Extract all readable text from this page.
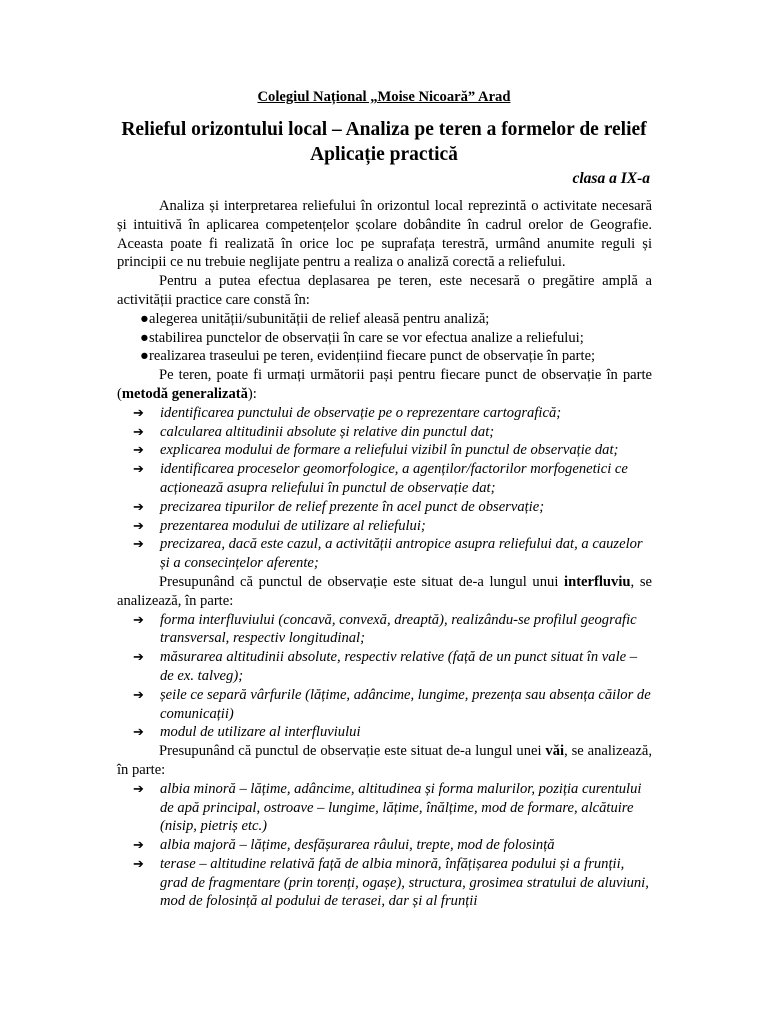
Colegiul Național „Moise Nicoară” Arad
Relieful orizontului local – Analiza pe teren a formelor de relief
Aplicație practică
clasa a IX-a

Analiza și interpretarea reliefului în orizontul local reprezintă o activitate necesară și intuitivă în aplicarea competențelor școlare dobândite în cadrul orelor de Geografie. Aceasta poate fi realizată în orice loc pe suprafața terestră, urmând anumite reguli și principii ce nu trebuie neglijate pentru a realiza o analiză corectă a reliefului.

Pentru a putea efectua deplasarea pe teren, este necesară o pregătire amplă a activității practice care constă în:

● alegerea unității/subunității de relief aleasă pentru analiză;
● stabilirea punctelor de observații în care se vor efectua analize a reliefului;
● realizarea traseului pe teren, evidențiind fiecare punct de observație în parte;

Pe teren, poate fi urmați următorii pași pentru fiecare punct de observație în parte (metodă generalizată):

➔ identificarea punctului de observație pe o reprezentare cartografică;
➔ calcularea altitudinii absolute și relative din punctul dat;
➔ explicarea modului de formare a reliefului vizibil în punctul de observație dat;
➔ identificarea proceselor geomorfologice, a agenților/factorilor morfogenetici ce acționează asupra reliefului în punctul de observație dat;
➔ precizarea tipurilor de relief prezente în acel punct de observație;
➔ prezentarea modului de utilizare al reliefului;
➔ precizarea, dacă este cazul, a activității antropice asupra reliefului dat, a cauzelor și a consecințelor aferente;

Presupunând că punctul de observație este situat de-a lungul unui interfluviu, se analizează, în parte:

➔ forma interfluviului (concavă, convexă, dreaptă), realizându-se profilul geografic transversal, respectiv longitudinal;
➔ măsurarea altitudinii absolute, respectiv relative (față de un punct situat în vale – de ex. talveg);
➔ șeile ce separă vârfurile (lățime, adâncime, lungime, prezența sau absența căilor de comunicații)
➔ modul de utilizare al interfluviului

Presupunând că punctul de observație este situat de-a lungul unei văi, se analizează, în parte:

➔ albia minoră – lățime, adâncime, altitudinea și forma malurilor, poziția curentului de apă principal, ostroave – lungime, lățime, înălțime, mod de formare, alcătuire (nisip, pietriș etc.)
➔ albia majoră – lățime, desfășurarea râului, trepte, mod de folosință
➔ terase – altitudine relativă față de albia minoră, înfățișarea podului și a frunții, grad de fragmentare (prin torenți, ogașe), structura, grosimea stratului de aluviuni, mod de folosință al podului de terasei, dar și al frunții
